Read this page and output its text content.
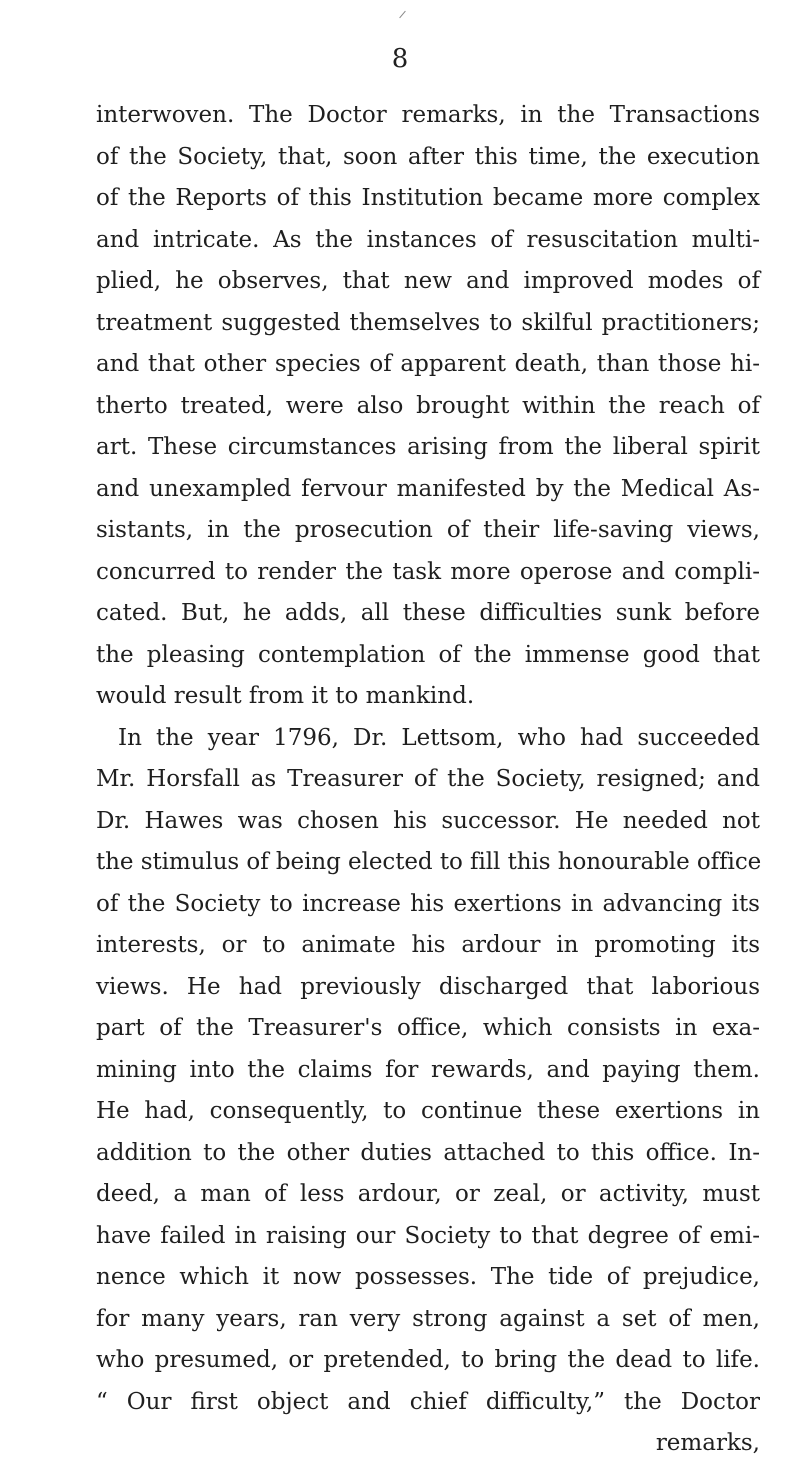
8
interwoven. The Doctor remarks, in the Transactions
of the Society, that, soon after this time, the execution
of the Reports of this Institution became more complex
and intricate. As the instances of resuscitation multi-
plied, he observes, that new and improved modes of
treatment suggested themselves to skilful practitioners;
and that other species of apparent death, than those hi-
therto treated, were also brought within the reach of
art. These circumstances arising from the liberal spirit
and unexampled fervour manifested by the Medical As-
sistants, in the prosecution of their life-saving views,
concurred to render the task more operose and compli-
cated. But, he adds, all these difficulties sunk before
the pleasing contemplation of the immense good that
would result from it to mankind.
In the year 1796, Dr. Lettsom, who had succeeded
Mr. Horsfall as Treasurer of the Society, resigned; and
Dr. Hawes was chosen his successor. He needed not
the stimulus of being elected to fill this honourable office
of the Society to increase his exertions in advancing its
interests, or to animate his ardour in promoting its
views. He had previously discharged that laborious
part of the Treasurer's office, which consists in exa-
mining into the claims for rewards, and paying them.
He had, consequently, to continue these exertions in
addition to the other duties attached to this office. In-
deed, a man of less ardour, or zeal, or activity, must
have failed in raising our Society to that degree of emi-
nence which it now possesses. The tide of prejudice,
for many years, ran very strong against a set of men,
who presumed, or pretended, to bring the dead to life.
“ Our first object and chief difficulty,” the Doctor
remarks,
